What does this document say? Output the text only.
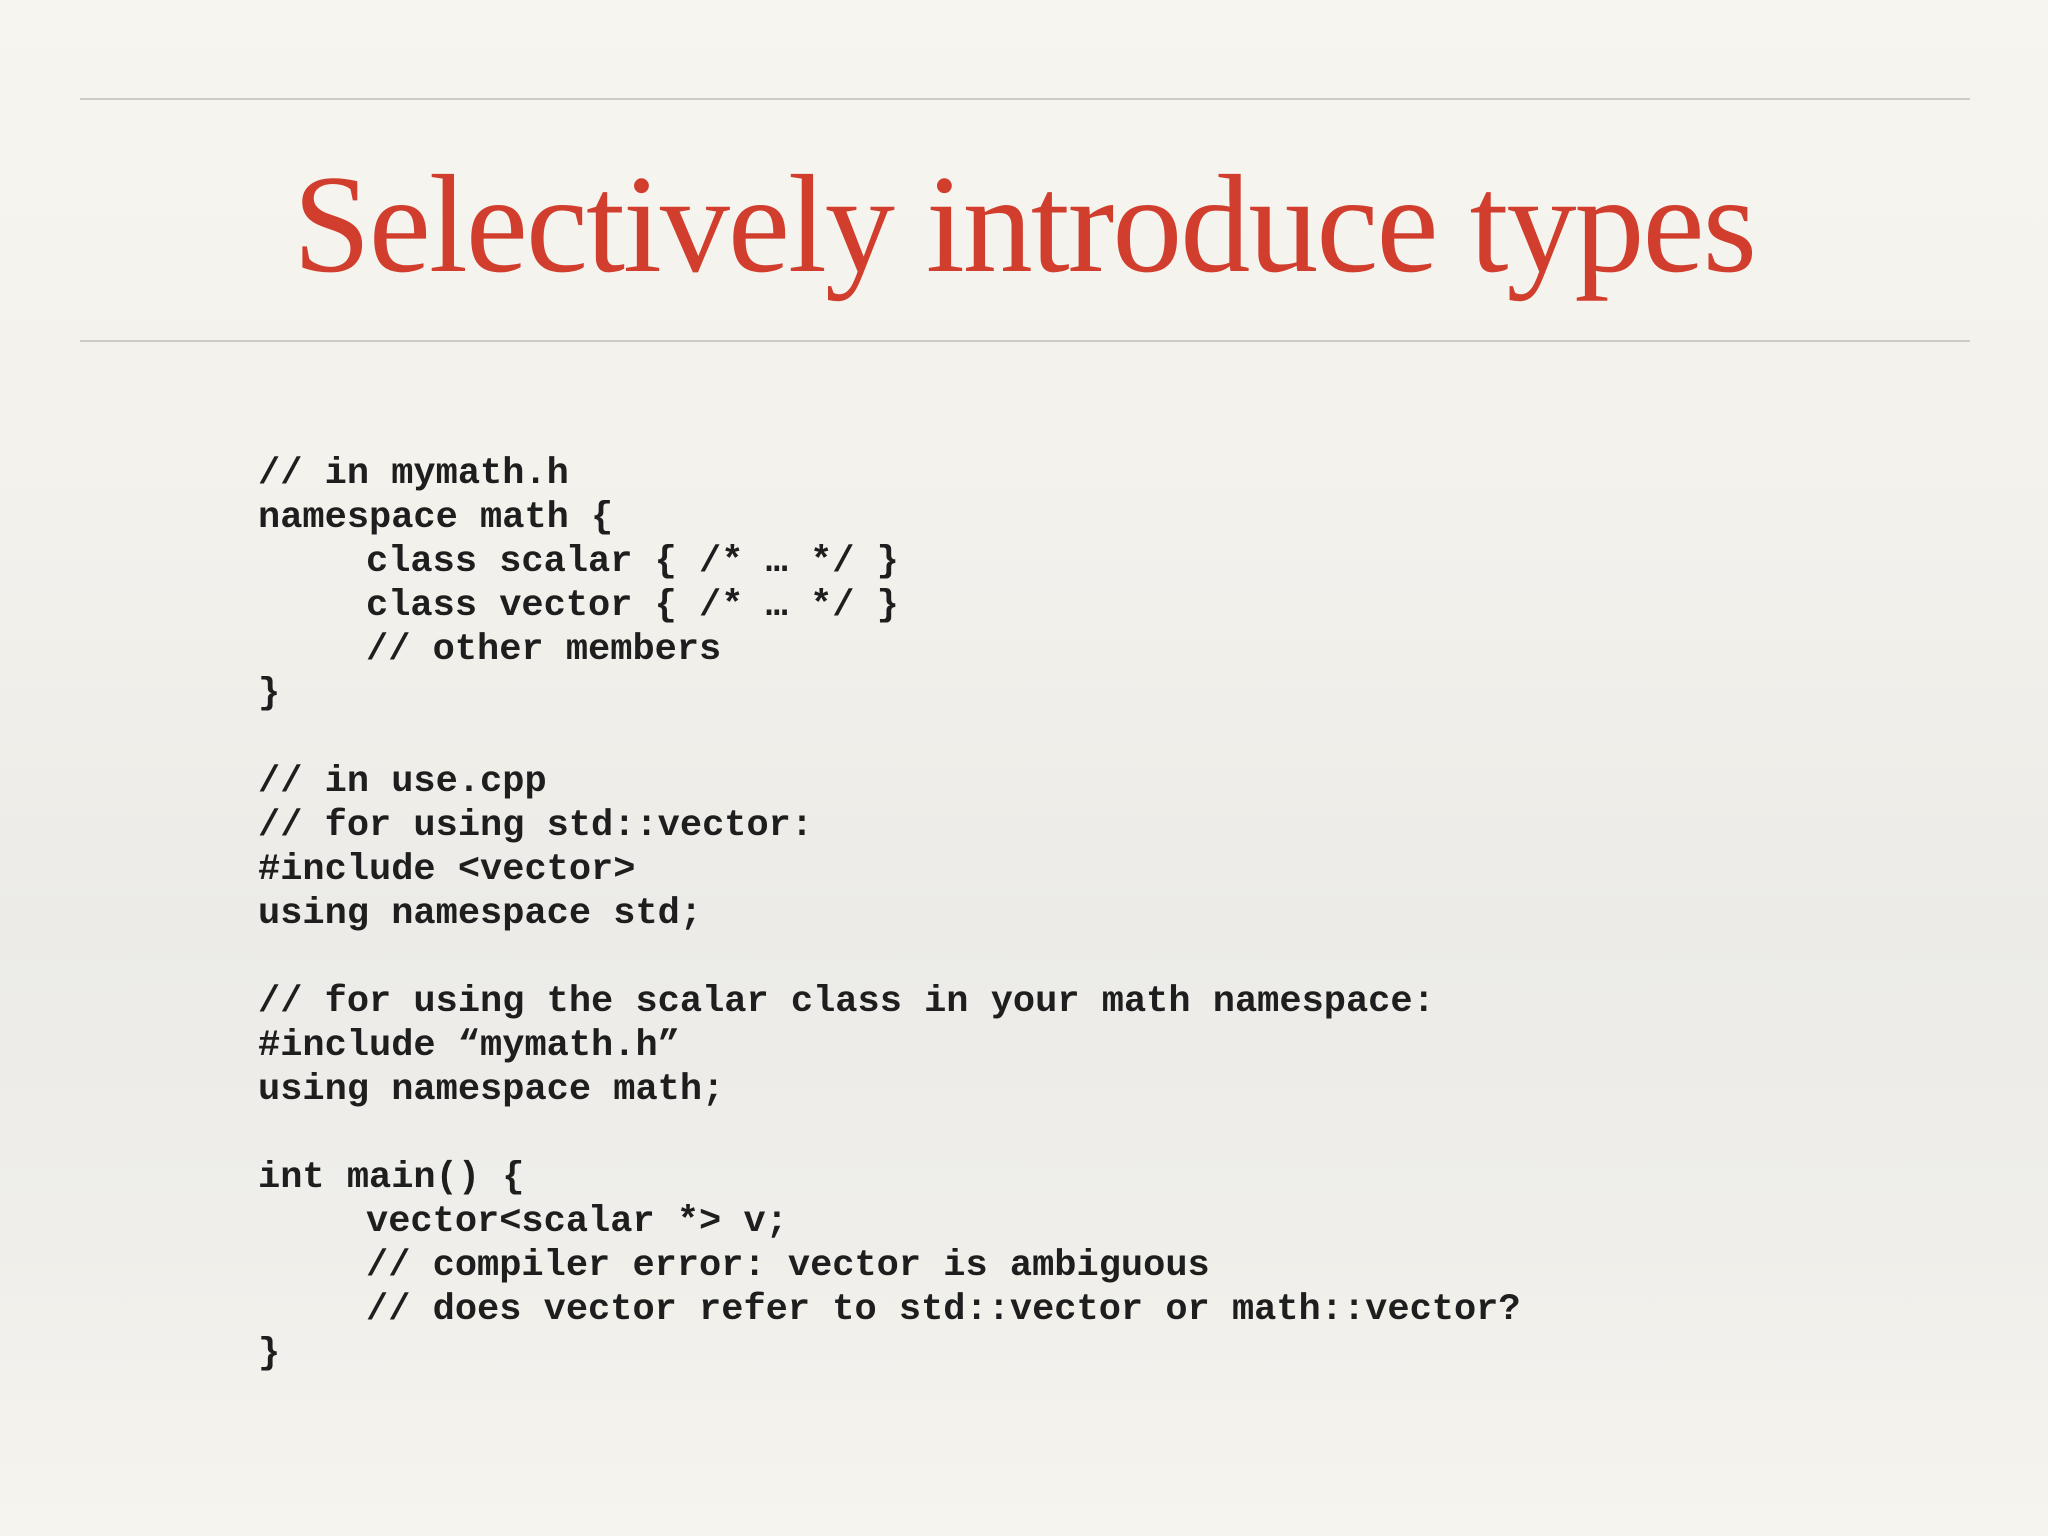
Selectively introduce types
// in mymath.h
namespace math {
class scalar { /* … */ }
class vector { /* … */ }
// other members
}
// in use.cpp
// for using std::vector:
#include <vector>
using namespace std;
// for using the scalar class in your math namespace:
#include “mymath.h”
using namespace math;
int main() {
vector<scalar *> v;
// compiler error: vector is ambiguous
// does vector refer to std::vector or math::vector?
}
